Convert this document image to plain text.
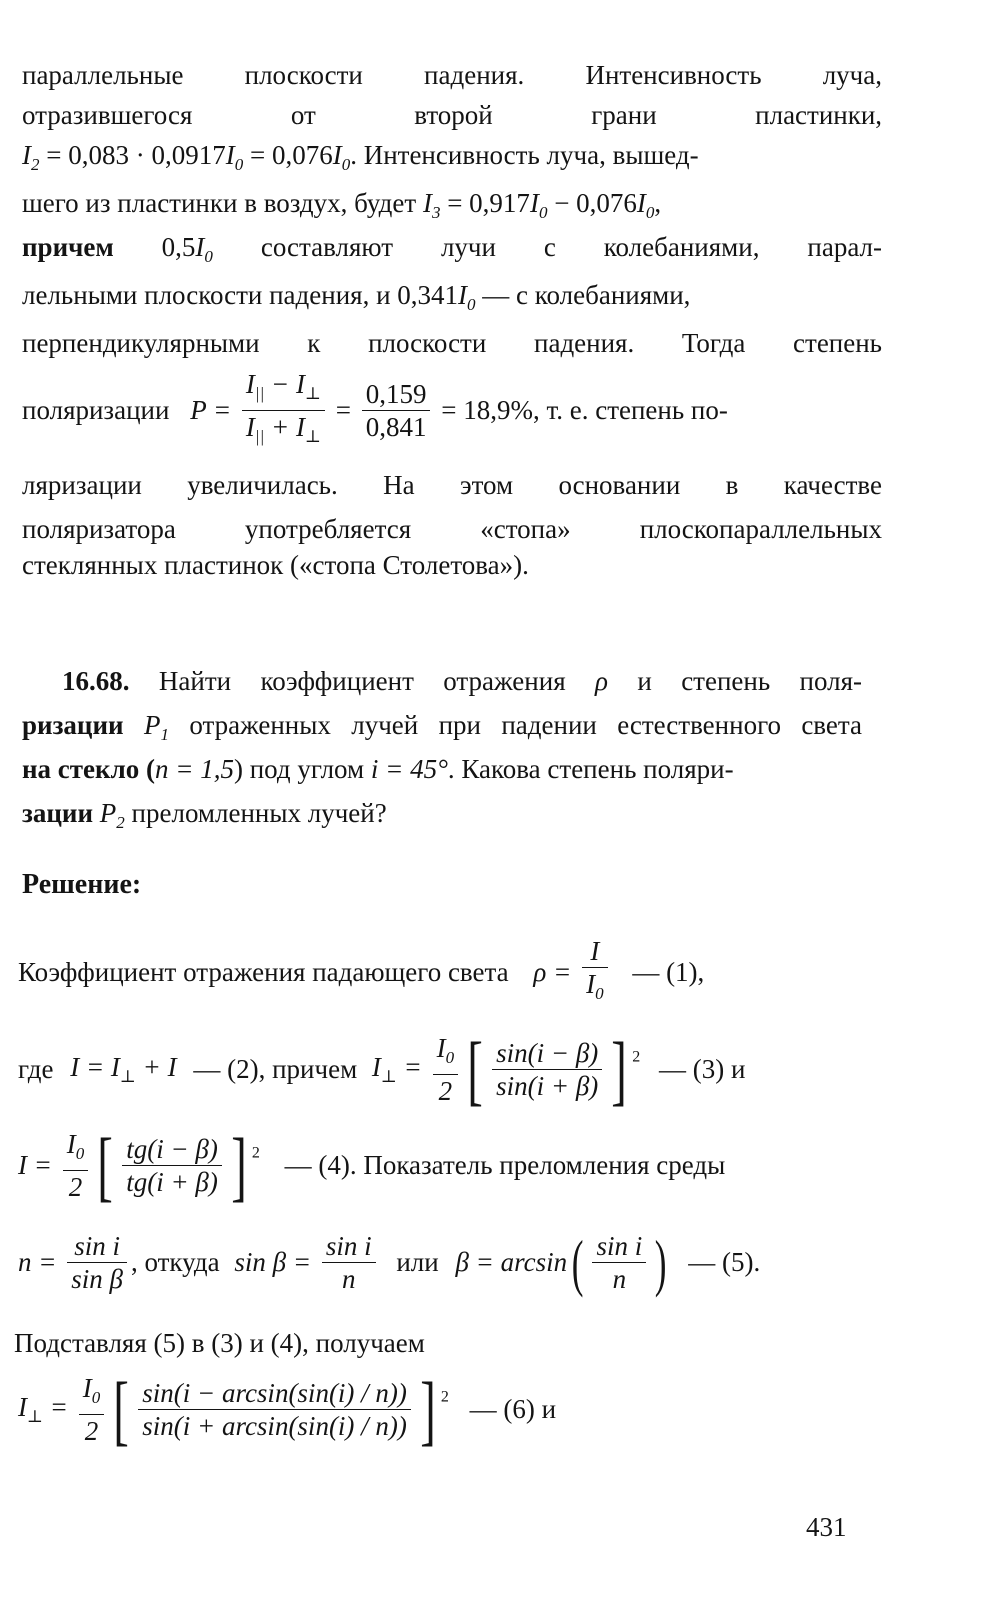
параллельные плоскости падения. Интенсивность луча,
отразившегося	от	второй	грани	пластинки,
$I_2 = 0,083 \cdot 0,0917I_0 = 0,076I_0$. Интенсивность луча, вышед-
шего из пластинки в воздух, будет $I_3 = 0,917I_0 - 0,076I_0$,
причем $0,5I_0$ составляют лучи с колебаниями, парал-
лельными плоскости падения, и $0,341I_0$ — с колебаниями,
перпендикулярными к плоскости падения. Тогда степень
поляризации $P = \frac{I_{||} - I_\perp}{I_{||} + I_\perp} = \frac{0,159}{0,841} = 18,9\%$, т. е. степень по-
ляризации увеличилась. На этом основании в качестве
поляризатора употребляется «стопа» плоскопараллельных
стеклянных пластинок («стопа Столетова»).
16.68. Найти коэффициент отражения ρ и степень поля-
ризации $P_1$ отраженных лучей при падении естественного света
на стекло (n = 1,5) под углом i = 45°. Какова степень поляри-
зации $P_2$ преломленных лучей?
Решение:
Коэффициент отражения падающего света $\rho = \frac{I}{I_0}$ — (1),
где $I = I_\perp + I$ — (2), причем $I_\perp = \frac{I_0}{2}$ [ $\frac{\sin(i - \beta)}{\sin(i + \beta)}$ ] $^2$ — (3) и
$I = \frac{I_0}{2}$ [ $\frac{tg(i - \beta)}{tg(i + \beta)}$ ] $^2$ — (4). Показатель преломления среды
$n = \frac{\text{sin i}}{\text{sin β}}$ , откуда $\sin \beta = \frac{\text{sin i}}{n}$ или $\beta = \arcsin( \frac{\text{sin i}}{n}$ ) — (5).
Подставляя (5) в (3) и (4), получаем
$I_\perp = \frac{I_0}{2}$ [ $\frac{\sin(i - \arcsin(\sin(i) / n))}{\sin(i + \arcsin(\sin(i) / n))}$ ] $^2$ — (6) и
431
